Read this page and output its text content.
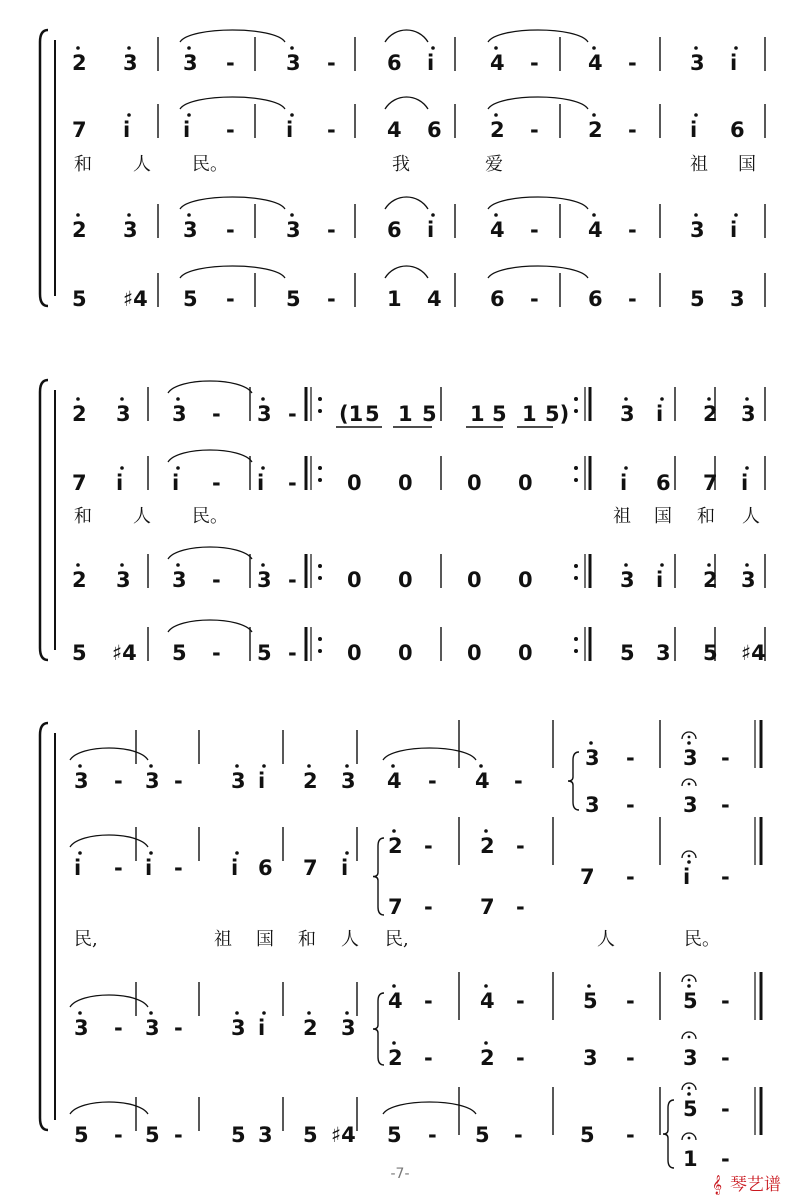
2 3 3 - 3 - 6 i	4 - 4 -	3 i
7 i	i - i - 4 6 2 - 2 -	i 6
2 3 3 - 3 - 6 i	4 - 4 -	3 i
5 ♯4 5 - 5 - 1 4 6 - 6 -	5 3
和 人 民。	我	爱	祖 国
2 3 3 - 3 - (1 5 1 5 1 5 1 5) 3 i 2 3
7 i i - i - 0 0	0 0	i 6 7 i
2 3 3 - 3 - 0 0	0 0	3 i 2 3
5 ♯4 5 - 5 - 0 0	0 0	5 3 5 ♯4
和 人 民。	祖 国 和 人
3 - 3 - 3 i 2 3 4 - 4 -
i - i - i 6 7 i
3 - 3 - 3 i 2 3
5 - 5 - 5 3 5 ♯4 5 - 5 -	5 -
3 - 3 -
3 - 3 -
2 - 2 -
7 - 7 -
7 - i -
4 - 4 -
2 - 2 -
5 - 5 -
3 - 3 -
5 -
1 -
民,	祖 国 和 人 民,	人	民。
-7-
𝄞 琴艺谱
